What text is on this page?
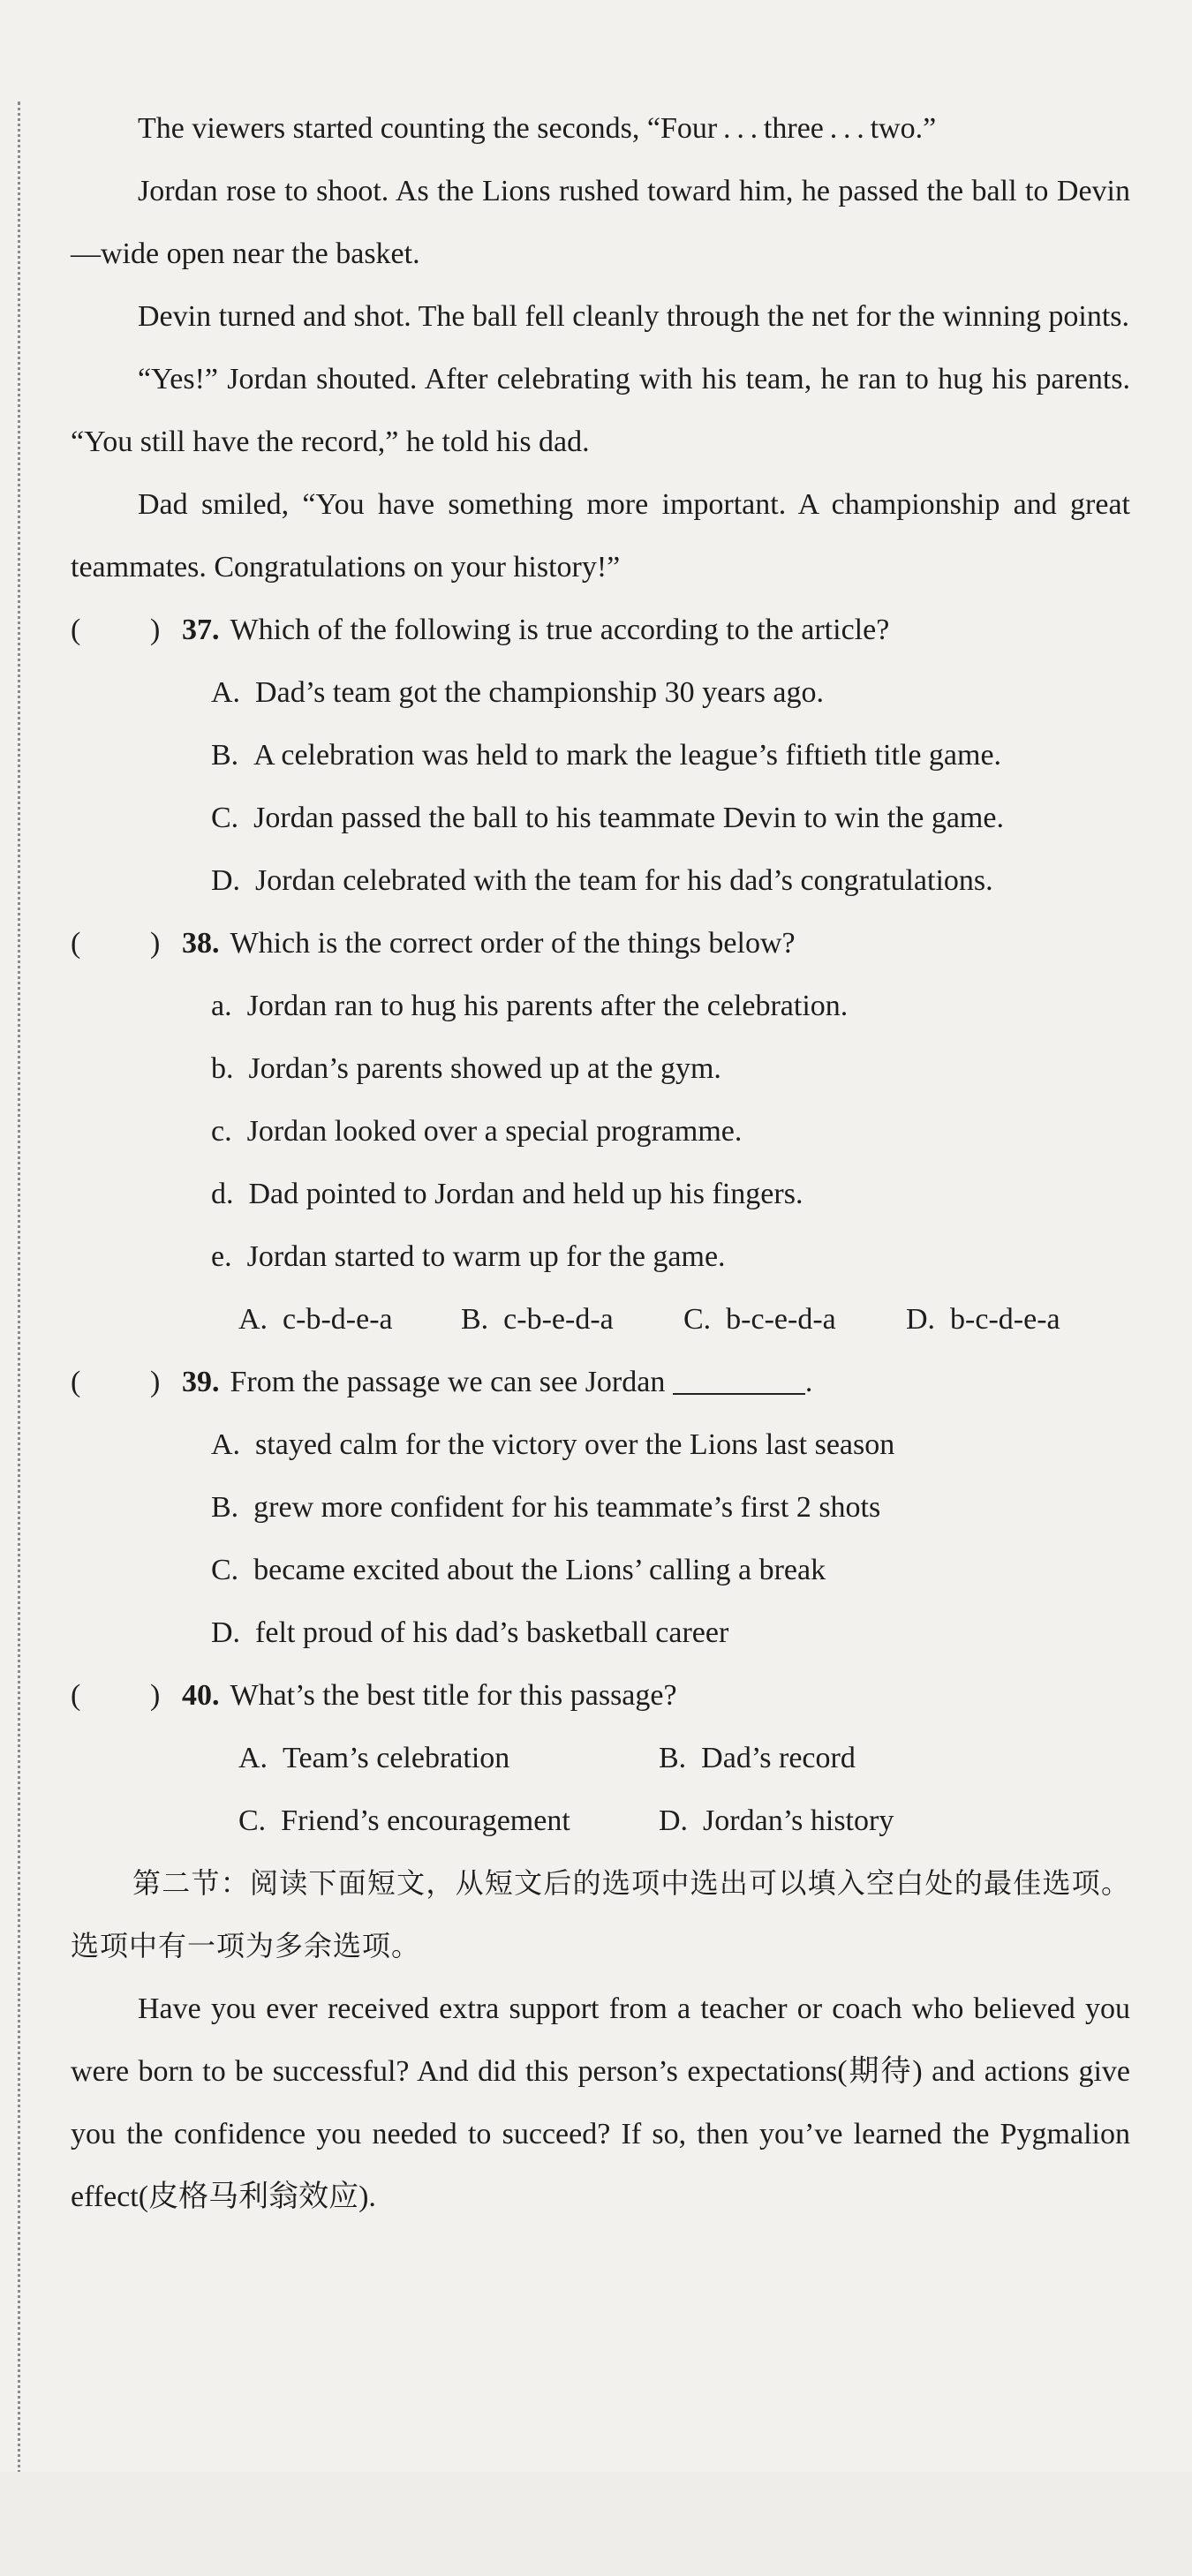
The viewers started counting the seconds, “Four . . . three . . . two.”

Jordan rose to shoot. As the Lions rushed toward him, he passed the ball to Devin—wide open near the basket.

Devin turned and shot. The ball fell cleanly through the net for the winning points.

“Yes!” Jordan shouted. After celebrating with his team, he ran to hug his parents. “You still have the record,” he told his dad.

Dad smiled, “You have something more important. A championship and great teammates. Congratulations on your history!”

( ) 37. Which of the following is true according to the article?

A. Dad’s team got the championship 30 years ago.

B. A celebration was held to mark the league’s fiftieth title game.

C. Jordan passed the ball to his teammate Devin to win the game.

D. Jordan celebrated with the team for his dad’s congratulations.

( ) 38. Which is the correct order of the things below?

a. Jordan ran to hug his parents after the celebration.

b. Jordan’s parents showed up at the gym.

c. Jordan looked over a special programme.

d. Dad pointed to Jordan and held up his fingers.

e. Jordan started to warm up for the game.

A. c-b-d-e-a	B. c-b-e-d-a	C. b-c-e-d-a	D. b-c-d-e-a
( ) 39. From the passage we can see Jordan	.

A. stayed calm for the victory over the Lions last season

B. grew more confident for his teammate’s first 2 shots

C. became excited about the Lions’ calling a break

D. felt proud of his dad’s basketball career

( ) 40. What’s the best title for this passage?
A. Team’s celebration	B. Dad’s record
C. Friend’s encouragement	D. Jordan’s history

第二节：阅读下面短文，从短文后的选项中选出可以填入空白处的最佳选项。选项中有一项为多余选项。

Have you ever received extra support from a teacher or coach who believed you were born to be successful? And did this person’s expectations(期待) and actions give you the confidence you needed to succeed? If so, then you’ve learned the Pygmalion effect(皮格马利翁效应).
